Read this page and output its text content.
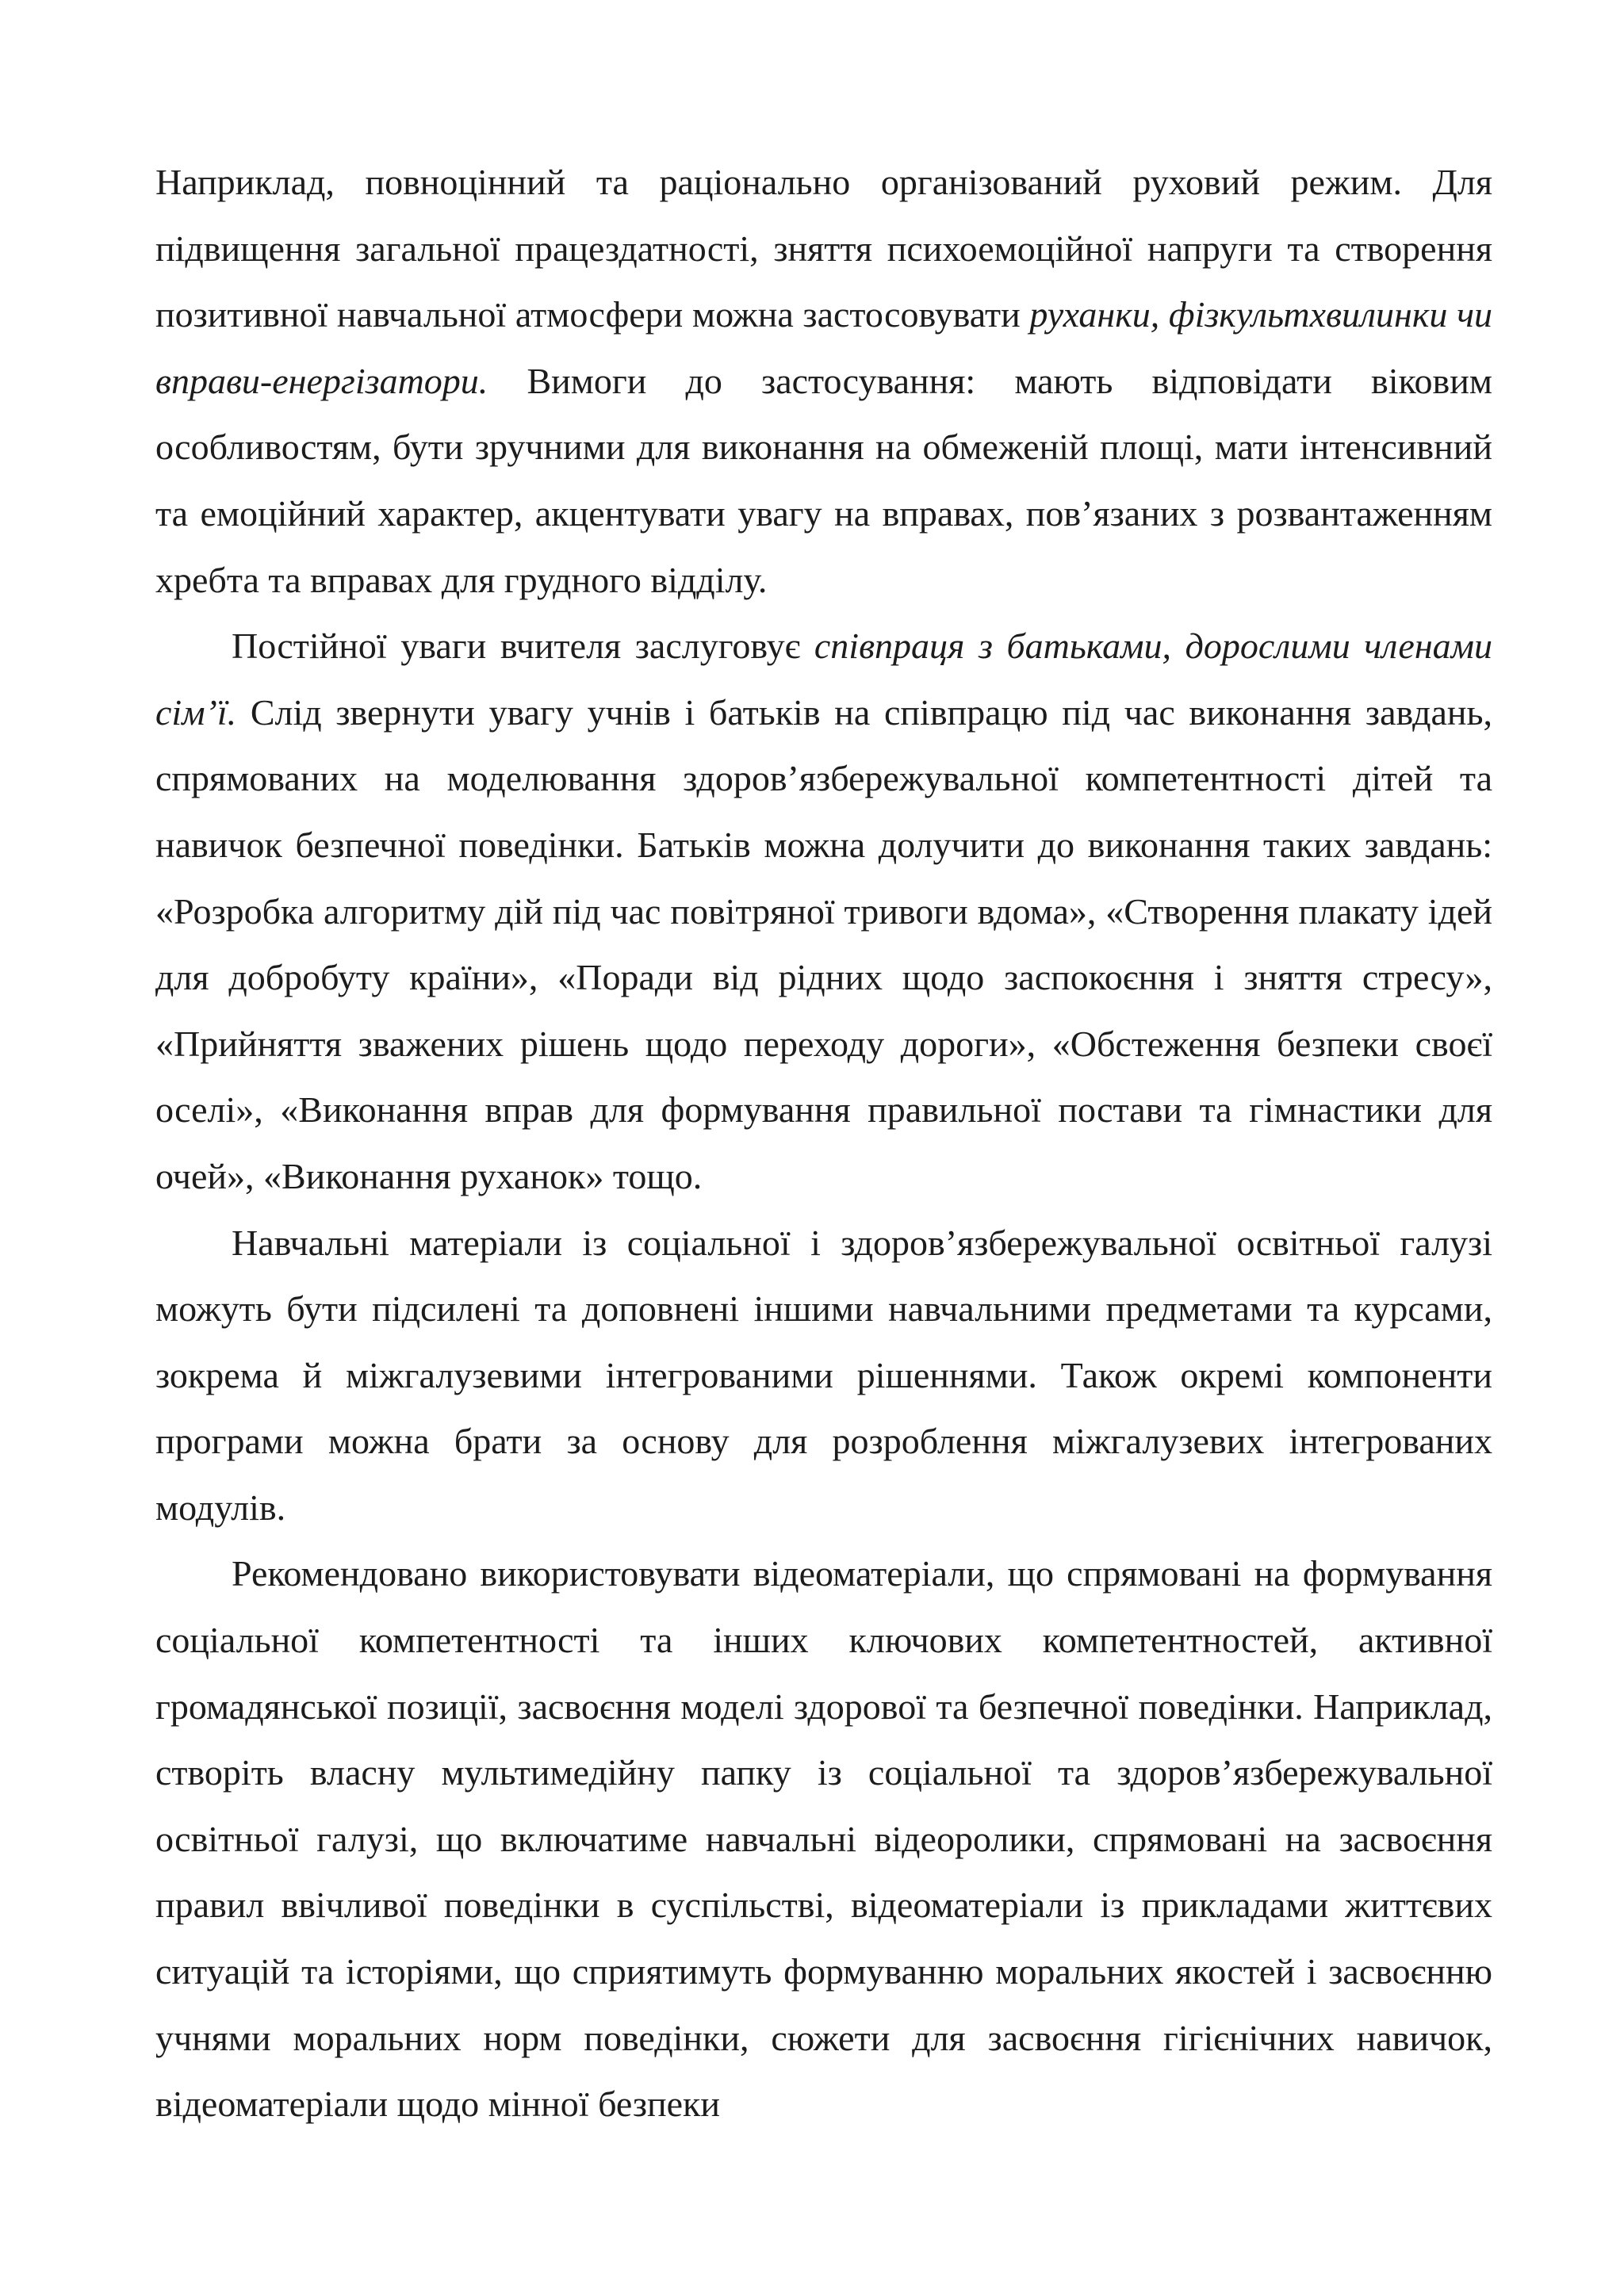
Наприклад, повноцінний та раціонально організований руховий режим. Для підвищення загальної працездатності, зняття психоемоційної напруги та створення позитивної навчальної атмосфери можна застосовувати руханки, фізкультхвилинки чи вправи-енергізатори. Вимоги до застосування: мають відповідати віковим особливостям, бути зручними для виконання на обмеженій площі, мати інтенсивний та емоційний характер, акцентувати увагу на вправах, пов’язаних з розвантаженням хребта та вправах для грудного відділу.

Постійної уваги вчителя заслуговує співпраця з батьками, дорослими членами сім’ї. Слід звернути увагу учнів і батьків на співпрацю під час виконання завдань, спрямованих на моделювання здоров’язбережувальної компетентності дітей та навичок безпечної поведінки. Батьків можна долучити до виконання таких завдань: «Розробка алгоритму дій під час повітряної тривоги вдома», «Створення плакату ідей для добробуту країни», «Поради від рідних щодо заспокоєння і зняття стресу», «Прийняття зважених рішень щодо переходу дороги», «Обстеження безпеки своєї оселі», «Виконання вправ для формування правильної постави та гімнастики для очей», «Виконання руханок» тощо.

Навчальні матеріали із соціальної і здоров’язбережувальної освітньої галузі можуть бути підсилені та доповнені іншими навчальними предметами та курсами, зокрема й міжгалузевими інтегрованими рішеннями. Також окремі компоненти програми можна брати за основу для розроблення міжгалузевих інтегрованих модулів.

Рекомендовано використовувати відеоматеріали, що спрямовані на формування соціальної компетентності та інших ключових компетентностей, активної громадянської позиції, засвоєння моделі здорової та безпечної поведінки. Наприклад, створіть власну мультимедійну папку із соціальної та здоров’язбережувальної освітньої галузі, що включатиме навчальні відеоролики, спрямовані на засвоєння правил ввічливої поведінки в суспільстві, відеоматеріали із прикладами життєвих ситуацій та історіями, що сприятимуть формуванню моральних якостей і засвоєнню учнями моральних норм поведінки, сюжети для засвоєння гігієнічних навичок, відеоматеріали щодо мінної безпеки
